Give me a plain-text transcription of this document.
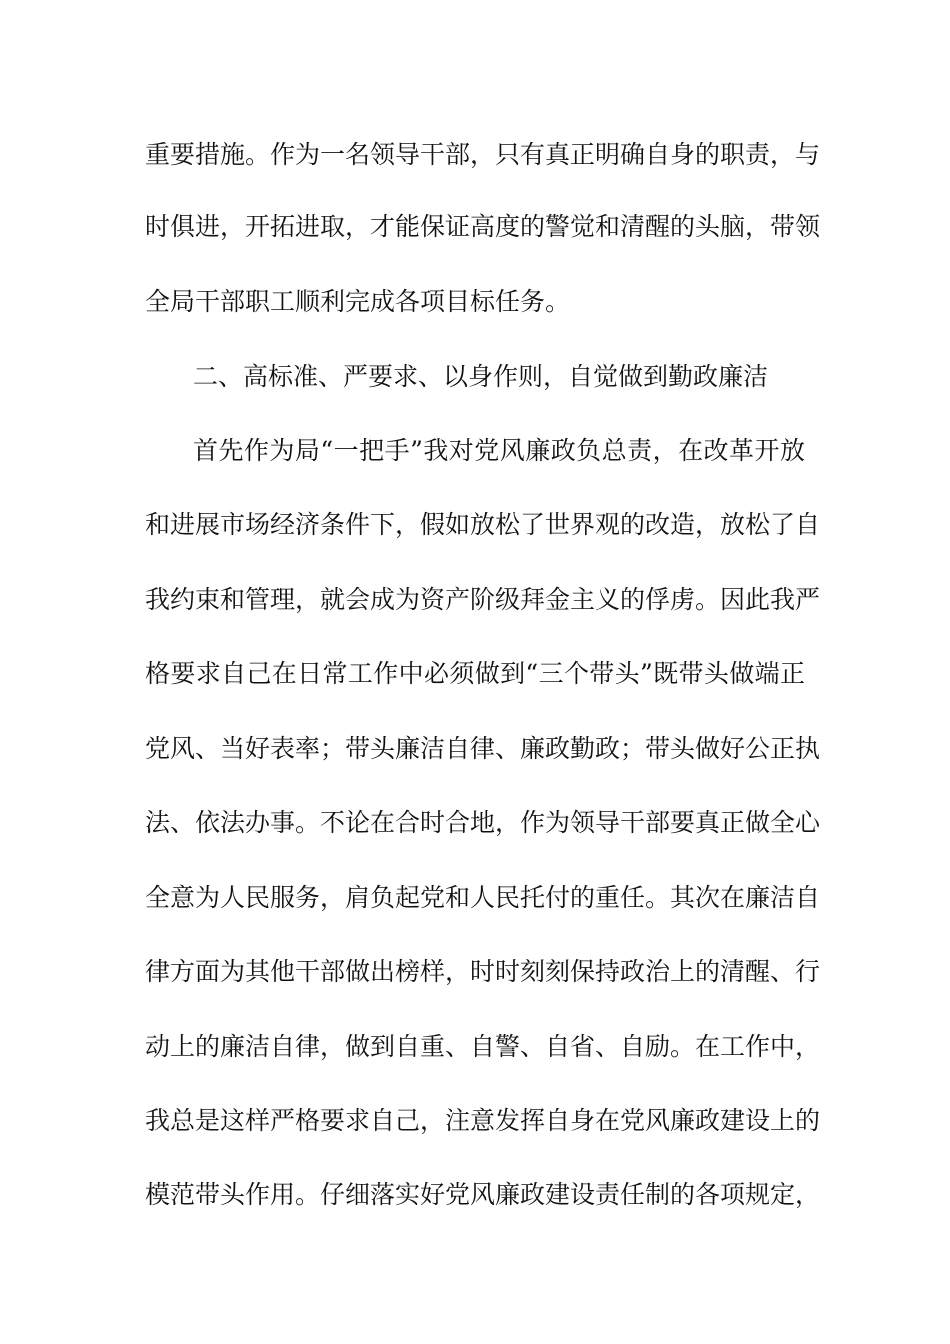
重要措施。作为一名领导干部，只有真正明确自身的职责，与
时俱进，开拓进取，才能保证高度的警觉和清醒的头脑，带领
全局干部职工顺利完成各项目标任务。
二、高标准、严要求、以身作则，自觉做到勤政廉洁
首先作为局“一把手”我对党风廉政负总责，在改革开放
和进展市场经济条件下，假如放松了世界观的改造，放松了自
我约束和管理，就会成为资产阶级拜金主义的俘虏。因此我严
格要求自己在日常工作中必须做到“三个带头”既带头做端正
党风、当好表率；带头廉洁自律、廉政勤政；带头做好公正执
法、依法办事。不论在合时合地，作为领导干部要真正做全心
全意为人民服务，肩负起党和人民托付的重任。其次在廉洁自
律方面为其他干部做出榜样，时时刻刻保持政治上的清醒、行
动上的廉洁自律，做到自重、自警、自省、自励。在工作中，
我总是这样严格要求自己，注意发挥自身在党风廉政建设上的
模范带头作用。仔细落实好党风廉政建设责任制的各项规定，
